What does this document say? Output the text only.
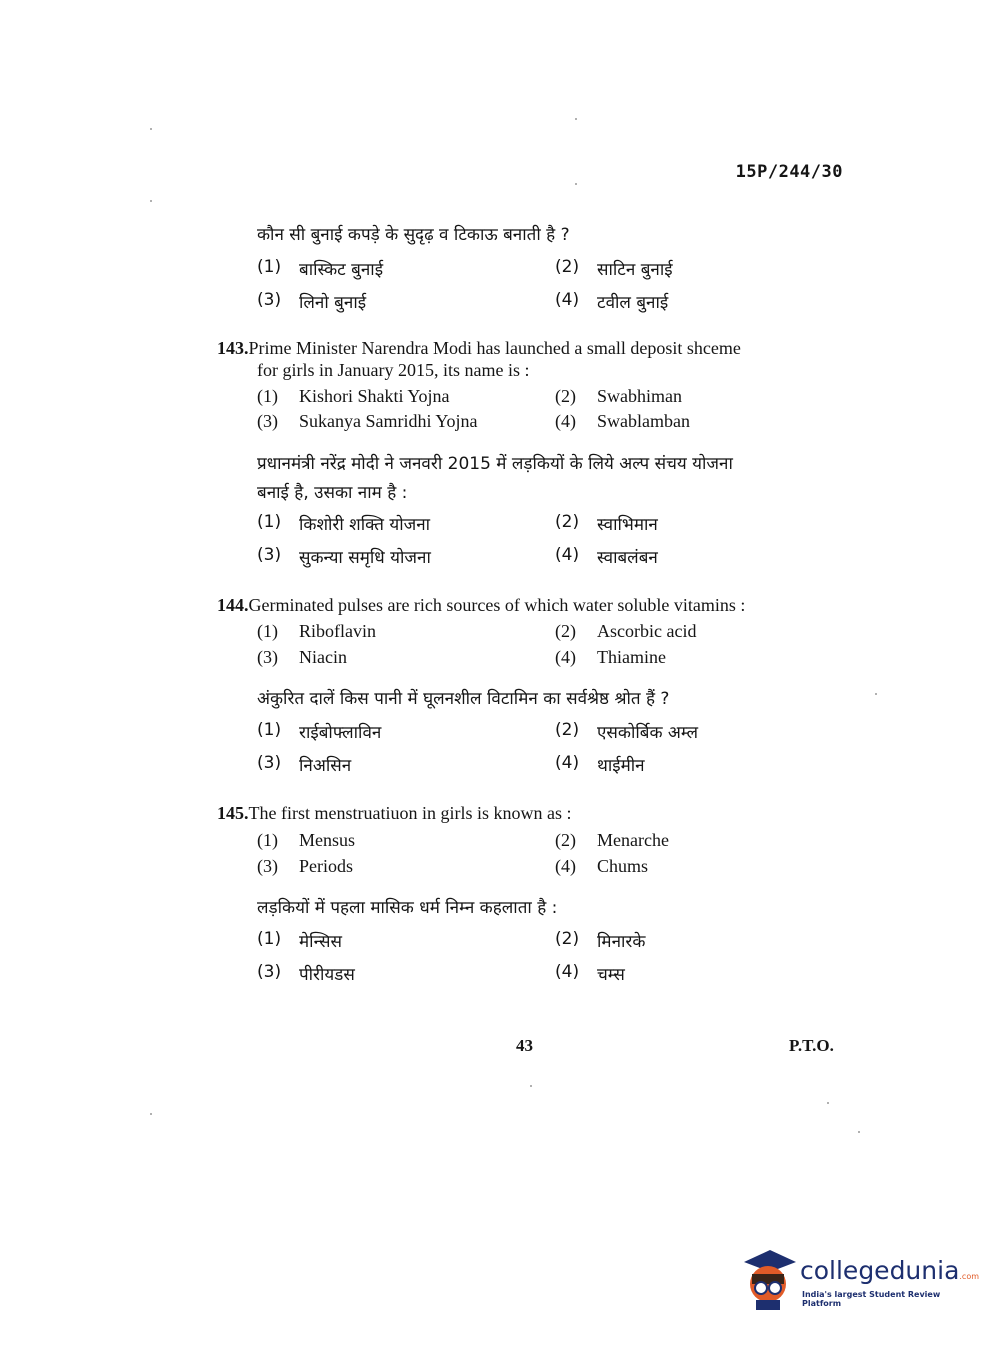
15P/244/30
कौन सी बुनाई कपड़े के सुदृढ़ व टिकाऊ बनाती है ?
(1)	बास्किट बुनाई	(2)	साटिन बुनाई
(3)	लिनो बुनाई	(4)	टवील बुनाई
143.Prime Minister Narendra Modi has launched a small deposit shceme
for girls in January 2015, its name is :
(1)	Kishori Shakti Yojna	(2)	Swabhiman
(3)	Sukanya Samridhi Yojna	(4)	Swablamban
प्रधानमंत्री नरेंद्र मोदी ने जनवरी 2015 में लड़कियों के लिये अल्प संचय योजना
बनाई है, उसका नाम है :
(1)	किशोरी शक्ति योजना	(2)	स्वाभिमान
(3)	सुकन्या समृधि योजना	(4)	स्वाबलंबन
144.Germinated pulses are rich sources of which water soluble vitamins :
(1)	Riboflavin	(2)	Ascorbic acid
(3)	Niacin	(4)	Thiamine
अंकुरित दालें किस पानी में घूलनशील विटामिन का सर्वश्रेष्ठ श्रोत हैं ?
(1)	राईबोफ्लाविन	(2)	एसकोर्बिक अम्ल
(3)	निअसिन	(4)	थाईमीन
145.The first menstruatiuon in girls is known as :
(1)	Mensus	(2)	Menarche
(3)	Periods	(4)	Chums
लड़कियों में पहला मासिक धर्म निम्न कहलाता है :
(1)	मेन्सिस	(2)	मिनारके
(3)	पीरीयडस	(4)	चम्स
43	P.T.O.
collegedunia.com
India's largest Student Review Platform
